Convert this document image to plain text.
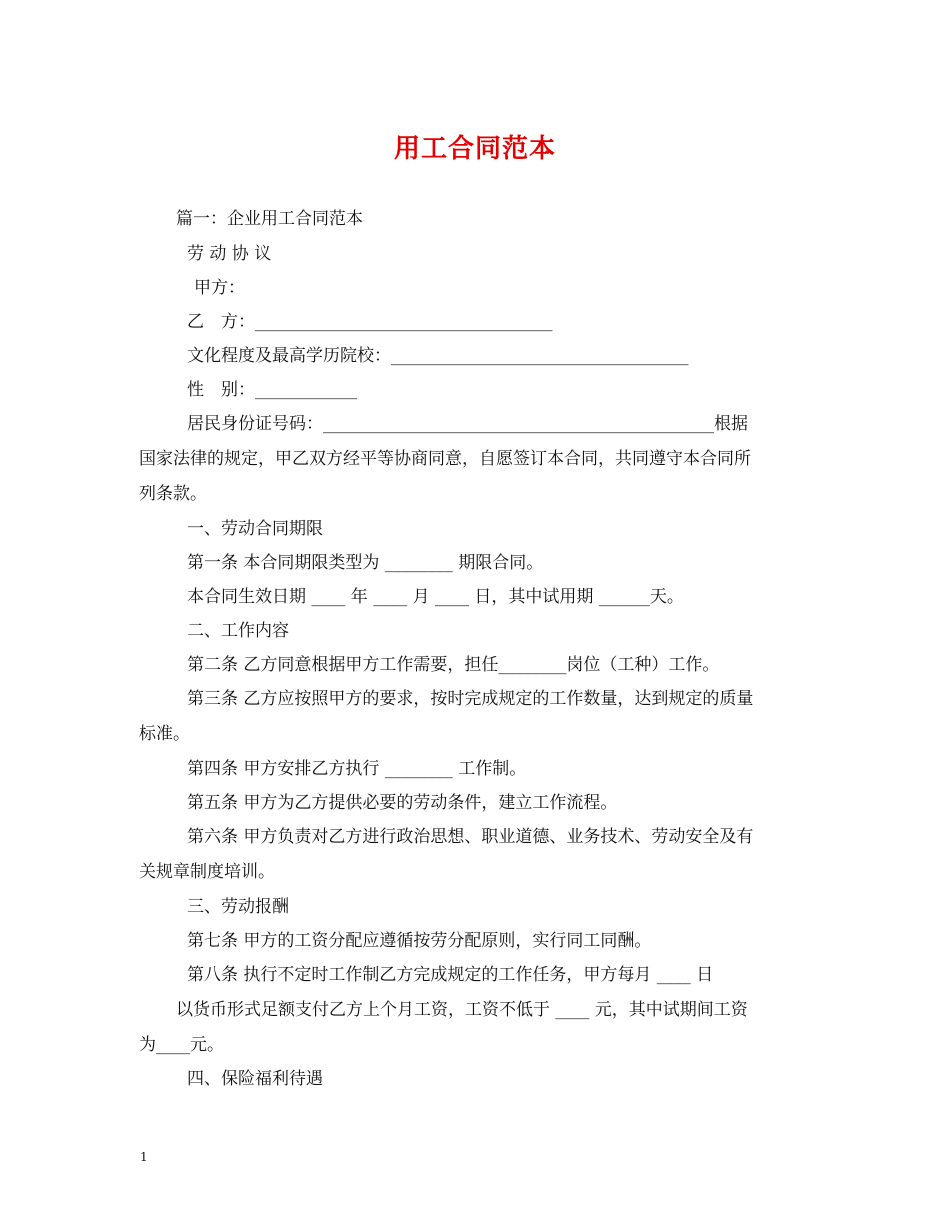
用工合同范本
篇一：企业用工合同范本
劳 动 协 议
甲方：
乙　方：___________________________________
文化程度及最高学历院校：___________________________________
性　别：____________
居民身份证号码：______________________________________________根据
国家法律的规定，甲乙双方经平等协商同意，自愿签订本合同，共同遵守本合同所
列条款。
一、劳动合同期限
第一条 本合同期限类型为 ________ 期限合同。
本合同生效日期 ____ 年 ____ 月 ____ 日，其中试用期 ______天。
二、工作内容
第二条 乙方同意根据甲方工作需要，担任________岗位（工种）工作。
第三条 乙方应按照甲方的要求，按时完成规定的工作数量，达到规定的质量
标准。
第四条 甲方安排乙方执行 ________ 工作制。
第五条 甲方为乙方提供必要的劳动条件，建立工作流程。
第六条 甲方负责对乙方进行政治思想、职业道德、业务技术、劳动安全及有
关规章制度培训。
三、劳动报酬
第七条 甲方的工资分配应遵循按劳分配原则，实行同工同酬。
第八条 执行不定时工作制乙方完成规定的工作任务，甲方每月 ____ 日
以货币形式足额支付乙方上个月工资，工资不低于 ____ 元，其中试期间工资
为____元。
四、保险福利待遇
1
